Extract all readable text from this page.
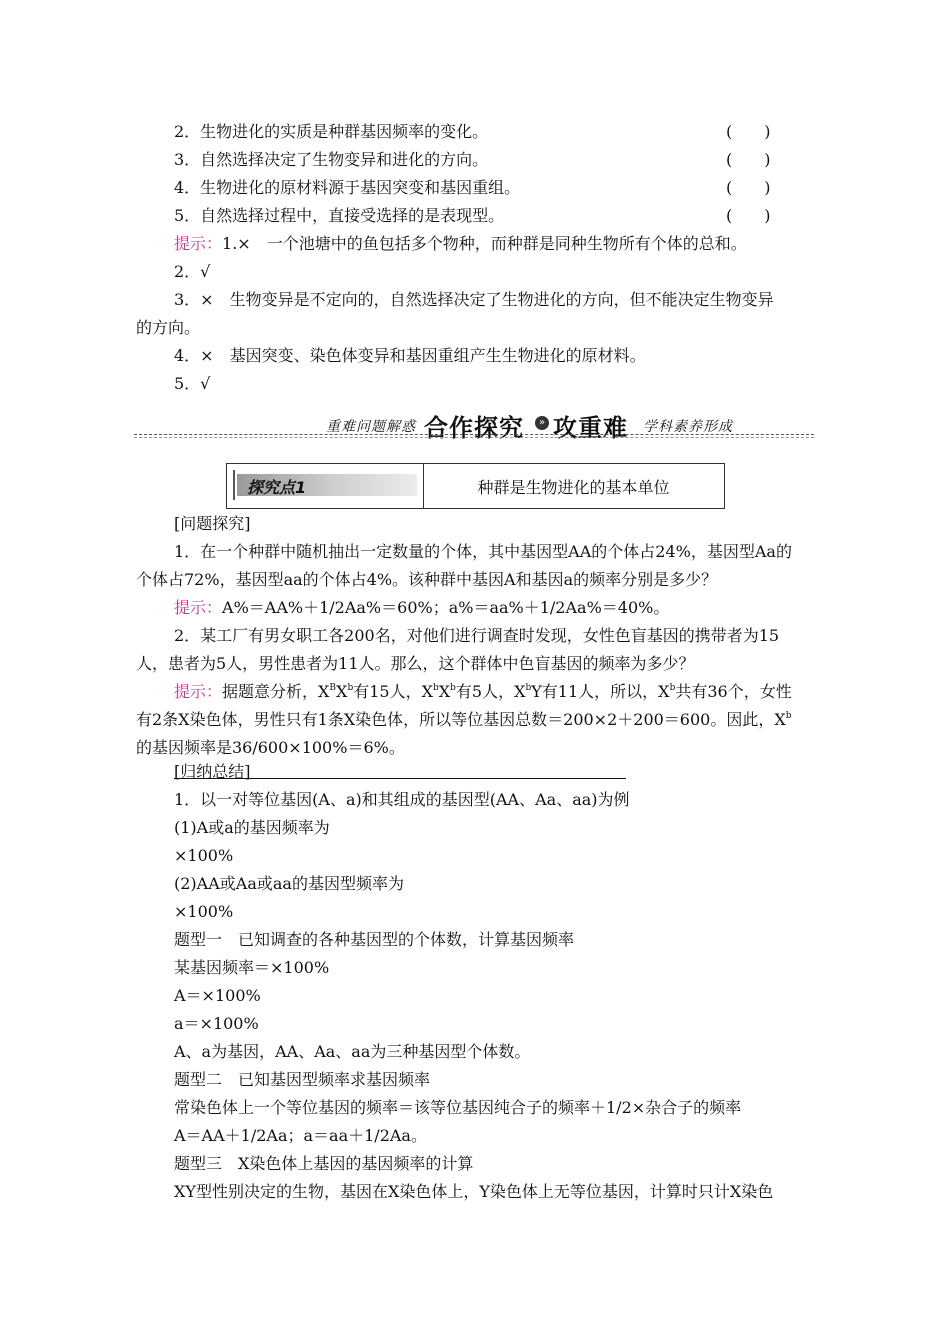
2．生物进化的实质是种群基因频率的变化。	(　　)
3．自然选择决定了生物变异和进化的方向。	(　　)
4．生物进化的原材料源于基因突变和基因重组。	(　　)
5．自然选择过程中，直接受选择的是表现型。	(　　)
提示：1.×　一个池塘中的鱼包括多个物种，而种群是同种生物所有个体的总和。
2．√
3．×　生物变异是不定向的，自然选择决定了生物进化的方向，但不能决定生物变异
的方向。
4．×　基因突变、染色体变异和基因重组产生生物进化的原材料。
5．√
重难问题解惑 合作探究	» 攻重难 学科素养形成
探究点1	种群是生物进化的基本单位
[问题探究]
1．在一个种群中随机抽出一定数量的个体，其中基因型AA的个体占24%，基因型Aa的
个体占72%，基因型aa的个体占4%。该种群中基因A和基因a的频率分别是多少？
提示：A%＝AA%＋1/2Aa%＝60%；a%＝aa%＋1/2Aa%＝40%。
2．某工厂有男女职工各200名，对他们进行调查时发现，女性色盲基因的携带者为15
人，患者为5人，男性患者为11人。那么，这个群体中色盲基因的频率为多少？
提示：据题意分析，$X^BX^b$有15人，$X^bX^b$有5人，$X^bY$有11人，所以，$X^b$共有36个，女性
有2条X染色体，男性只有1条X染色体，所以等位基因总数＝200×2＋200＝600。因此，$X^b$
的基因频率是36/600×100%＝6%。
[归纳总结]
1．以一对等位基因(A、a)和其组成的基因型(AA、Aa、aa)为例
(1)A或a的基因频率为
×100%
(2)AA或Aa或aa的基因型频率为
×100%
题型一　已知调查的各种基因型的个体数，计算基因频率
某基因频率＝×100%
A＝×100%
a＝×100%
A、a为基因，AA、Aa、aa为三种基因型个体数。
题型二　已知基因型频率求基因频率
常染色体上一个等位基因的频率＝该等位基因纯合子的频率＋1/2×杂合子的频率
A＝AA＋1/2Aa；a＝aa＋1/2Aa。
题型三　X染色体上基因的基因频率的计算
XY型性别决定的生物，基因在X染色体上，Y染色体上无等位基因，计算时只计X染色
